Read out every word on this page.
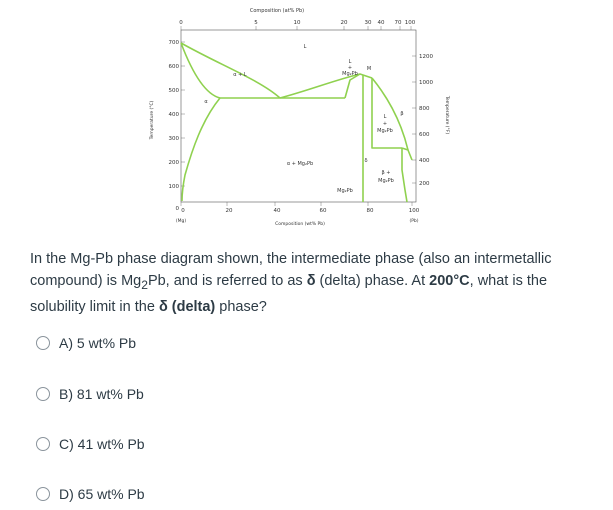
Composition (at% Pb)
0	5	10	20	30 40 70 100
Temperature (°C)
700
600
500
400
300
200
100
0
Temperature (°F)
1200
1000
800
600
400
200
0	20	40	60	80	100
(Mg)	(Pb)
Composition (wt% Pb)
L
α + L
α
α + Mg₂Pb
L
+
Mg₂Pb
M
Mg₂Pb
L
+
Mg₂Pb
β
β +
Mg₂Pb
δ
In the Mg-Pb phase diagram shown, the intermediate phase (also an intermetallic compound) is $Mg_2Pb$, and is referred to as δ (delta) phase. At 200°C, what is the solubility limit in the δ (delta) phase?
A) 5 wt% Pb
B) 81 wt% Pb
C) 41 wt% Pb
D) 65 wt% Pb
